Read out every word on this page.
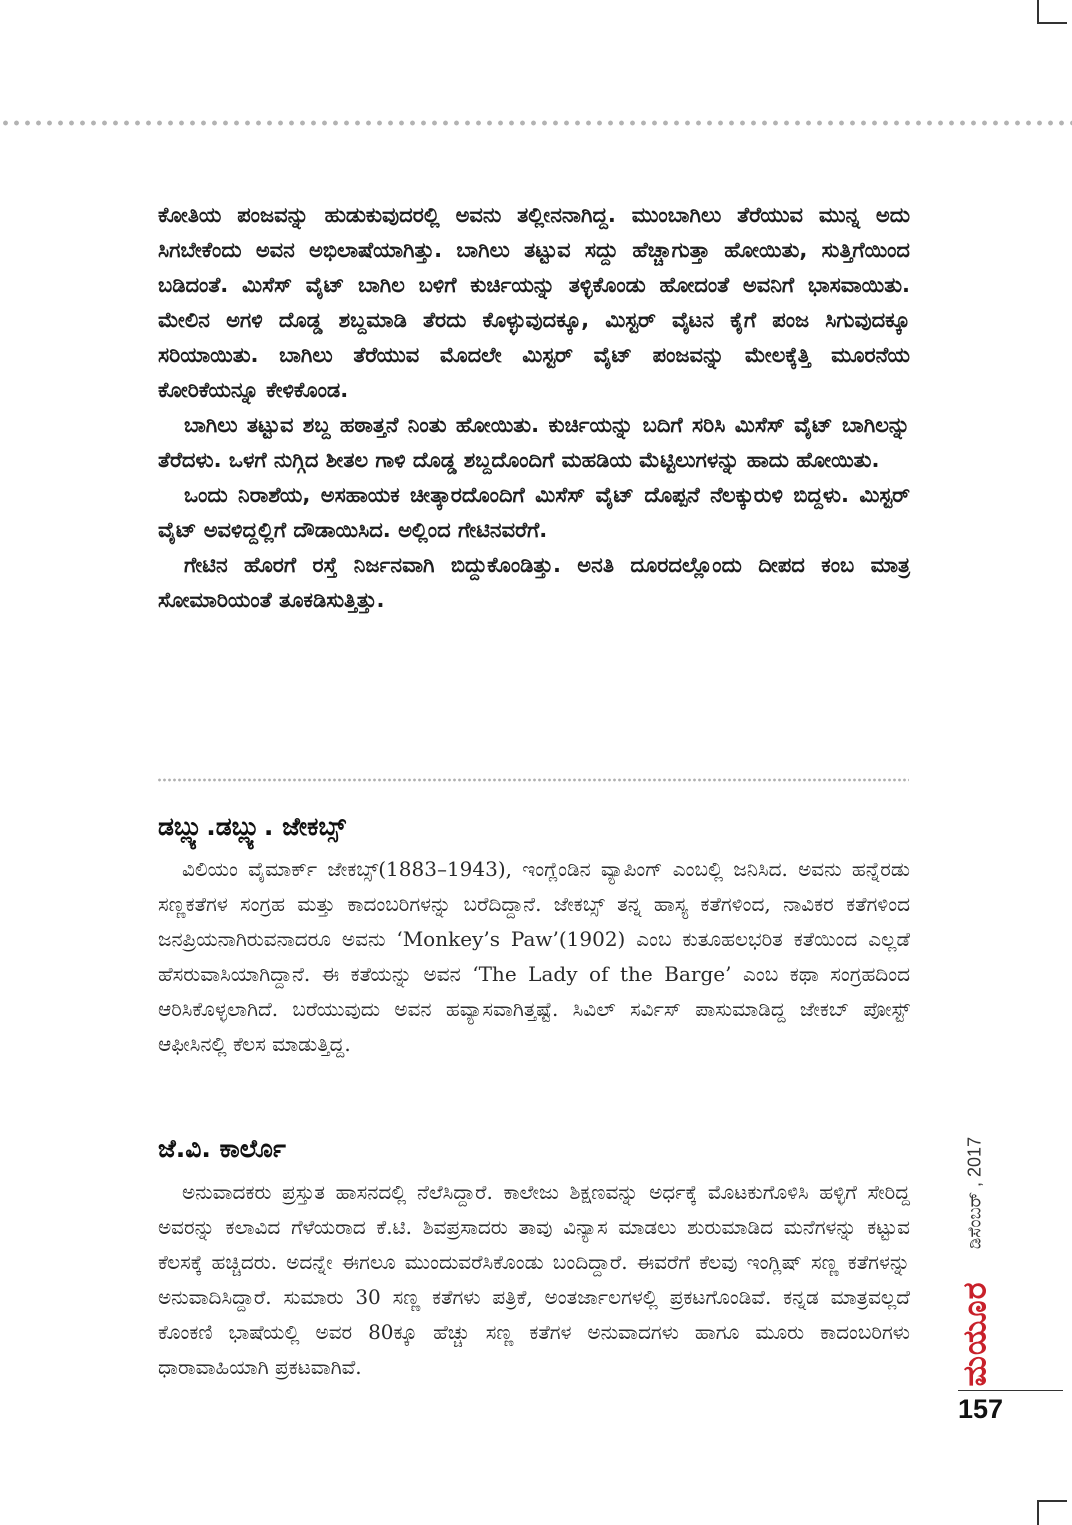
ಕೋತಿಯ ಪಂಜವನ್ನು ಹುಡುಕುವುದರಲ್ಲಿ ಅವನು ತಲ್ಲೀನನಾಗಿದ್ದ. ಮುಂಬಾಗಿಲು ತೆರೆಯುವ ಮುನ್ನ ಅದು ಸಿಗಬೇಕೆಂದು ಅವನ ಅಭಿಲಾಷೆಯಾಗಿತ್ತು. ಬಾಗಿಲು ತಟ್ಟುವ ಸದ್ದು ಹೆಚ್ಚಾಗುತ್ತಾ ಹೋಯಿತು, ಸುತ್ತಿಗೆಯಿಂದ ಬಡಿದಂತೆ. ಮಿಸೆಸ್ ವೈಟ್ ಬಾಗಿಲ ಬಳಿಗೆ ಕುರ್ಚಿಯನ್ನು ತಳ್ಳಿಕೊಂಡು ಹೋದಂತೆ ಅವನಿಗೆ ಭಾಸವಾಯಿತು. ಮೇಲಿನ ಅಗಳಿ ದೊಡ್ಡ ಶಬ್ದಮಾಡಿ ತೆರದು ಕೊಳ್ಳುವುದಕ್ಕೂ, ಮಿಸ್ಟರ್ ವೈಟನ ಕೈಗೆ ಪಂಜ ಸಿಗುವುದಕ್ಕೂ ಸರಿಯಾಯಿತು. ಬಾಗಿಲು ತೆರೆಯುವ ಮೊದಲೇ ಮಿಸ್ಟರ್ ವೈಟ್ ಪಂಜವನ್ನು ಮೇಲಕ್ಕೆತ್ತಿ ಮೂರನೆಯ ಕೋರಿಕೆಯನ್ನೂ ಕೇಳಿಕೊಂಡ.

ಬಾಗಿಲು ತಟ್ಟುವ ಶಬ್ದ ಹಠಾತ್ತನೆ ನಿಂತು ಹೋಯಿತು. ಕುರ್ಚಿಯನ್ನು ಬದಿಗೆ ಸರಿಸಿ ಮಿಸೆಸ್ ವೈಟ್ ಬಾಗಿಲನ್ನು ತೆರೆದಳು. ಒಳಗೆ ನುಗ್ಗಿದ ಶೀತಲ ಗಾಳಿ ದೊಡ್ಡ ಶಬ್ದದೊಂದಿಗೆ ಮಹಡಿಯ ಮೆಟ್ಟಿಲುಗಳನ್ನು ಹಾದು ಹೋಯಿತು.

ಒಂದು ನಿರಾಶೆಯ, ಅಸಹಾಯಕ ಚೀತ್ಕಾರದೊಂದಿಗೆ ಮಿಸೆಸ್ ವೈಟ್ ದೊಪ್ಪನೆ ನೆಲಕ್ಕುರುಳಿ ಬಿದ್ದಳು. ಮಿಸ್ಟರ್ ವೈಟ್ ಅವಳಿದ್ದಲ್ಲಿಗೆ ದೌಡಾಯಿಸಿದ. ಅಲ್ಲಿಂದ ಗೇಟಿನವರೆಗೆ.

ಗೇಟಿನ ಹೊರಗೆ ರಸ್ತೆ ನಿರ್ಜನವಾಗಿ ಬಿದ್ದುಕೊಂಡಿತ್ತು. ಅನತಿ ದೂರದಲ್ಲೊಂದು ದೀಪದ ಕಂಬ ಮಾತ್ರ ಸೋಮಾರಿಯಂತೆ ತೂಕಡಿಸುತ್ತಿತ್ತು.

ಡಬ್ಲ್ಯು.ಡಬ್ಲ್ಯು. ಜೇಕಬ್ಸ್

ವಿಲಿಯಂ ವೈಮಾರ್ಕ್ ಜೇಕಬ್ಸ್(1883–1943), ಇಂಗ್ಲೆಂಡಿನ ವ್ಯಾಪಿಂಗ್ ಎಂಬಲ್ಲಿ ಜನಿಸಿದ. ಅವನು ಹನ್ನೆರಡು ಸಣ್ಣಕತೆಗಳ ಸಂಗ್ರಹ ಮತ್ತು ಕಾದಂಬರಿಗಳನ್ನು ಬರೆದಿದ್ದಾನೆ. ಜೇಕಬ್ಸ್ ತನ್ನ ಹಾಸ್ಯ ಕತೆಗಳಿಂದ, ನಾವಿಕರ ಕತೆಗಳಿಂದ ಜನಪ್ರಿಯನಾಗಿರುವನಾದರೂ ಅವನು ‘Monkey’s Paw’(1902) ಎಂಬ ಕುತೂಹಲಭರಿತ ಕತೆಯಿಂದ ಎಲ್ಲಡೆ ಹೆಸರುವಾಸಿಯಾಗಿದ್ದಾನೆ. ಈ ಕತೆಯನ್ನು ಅವನ ‘The Lady of the Barge’ ಎಂಬ ಕಥಾ ಸಂಗ್ರಹದಿಂದ ಆರಿಸಿಕೊಳ್ಳಲಾಗಿದೆ. ಬರೆಯುವುದು ಅವನ ಹವ್ಯಾಸವಾಗಿತ್ತಷ್ಟೆ. ಸಿವಿಲ್ ಸರ್ವಿಸ್ ಪಾಸುಮಾಡಿದ್ದ ಜೇಕಬ್ ಪೋಸ್ಟ್ ಆಫೀಸಿನಲ್ಲಿ ಕೆಲಸ ಮಾಡುತ್ತಿದ್ದ.

ಜೆ.ವಿ. ಕಾರ್ಲೊ

ಅನುವಾದಕರು ಪ್ರಸ್ತುತ ಹಾಸನದಲ್ಲಿ ನೆಲೆಸಿದ್ದಾರೆ. ಕಾಲೇಜು ಶಿಕ್ಷಣವನ್ನು ಅರ್ಧಕ್ಕೆ ಮೊಟಕುಗೊಳಿಸಿ ಹಳ್ಳಿಗೆ ಸೇರಿದ್ದ ಅವರನ್ನು ಕಲಾವಿದ ಗೆಳೆಯರಾದ ಕೆ.ಟಿ. ಶಿವಪ್ರಸಾದರು ತಾವು ವಿನ್ಯಾಸ ಮಾಡಲು ಶುರುಮಾಡಿದ ಮನೆಗಳನ್ನು ಕಟ್ಟುವ ಕೆಲಸಕ್ಕೆ ಹಚ್ಚಿದರು. ಅದನ್ನೇ ಈಗಲೂ ಮುಂದುವರೆಸಿಕೊಂಡು ಬಂದಿದ್ದಾರೆ. ಈವರೆಗೆ ಕೆಲವು ಇಂಗ್ಲಿಷ್ ಸಣ್ಣ ಕತೆಗಳನ್ನು ಅನುವಾದಿಸಿದ್ದಾರೆ. ಸುಮಾರು 30 ಸಣ್ಣ ಕತೆಗಳು ಪತ್ರಿಕೆ, ಅಂತರ್ಜಾಲಗಳಲ್ಲಿ ಪ್ರಕಟಗೊಂಡಿವೆ. ಕನ್ನಡ ಮಾತ್ರವಲ್ಲದೆ ಕೊಂಕಣಿ ಭಾಷೆಯಲ್ಲಿ ಅವರ 80ಕ್ಕೂ ಹೆಚ್ಚು ಸಣ್ಣ ಕತೆಗಳ ಅನುವಾದಗಳು ಹಾಗೂ ಮೂರು ಕಾದಂಬರಿಗಳು ಧಾರಾವಾಹಿಯಾಗಿ ಪ್ರಕಟವಾಗಿವೆ.

ಡಿಸೆಂಬರ್ , 2017
ಮಯೂರ
157
